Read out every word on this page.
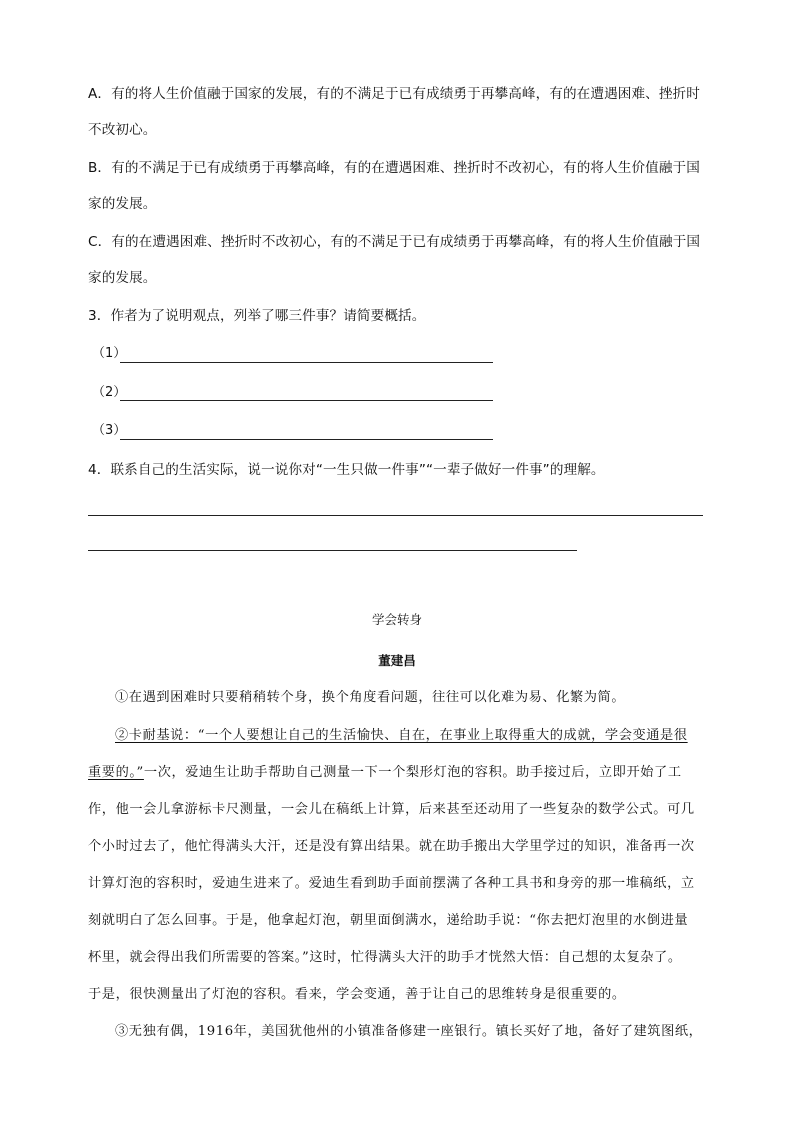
A．有的将人生价值融于国家的发展，有的不满足于已有成绩勇于再攀高峰，有的在遭遇困难、挫折时
不改初心。
B．有的不满足于已有成绩勇于再攀高峰，有的在遭遇困难、挫折时不改初心，有的将人生价值融于国
家的发展。
C．有的在遭遇困难、挫折时不改初心，有的不满足于已有成绩勇于再攀高峰，有的将人生价值融于国
家的发展。
3．作者为了说明观点，列举了哪三件事？请简要概括。
（1）
（2）
（3）
4．联系自己的生活实际，说一说你对“一生只做一件事”“一辈子做好一件事”的理解。
学会转身
董建昌
①在遇到困难时只要稍稍转个身，换个角度看问题，往往可以化难为易、化繁为简。
②卡耐基说：“一个人要想让自己的生活愉快、自在，在事业上取得重大的成就，学会变通是很
重要的。”一次，爱迪生让助手帮助自己测量一下一个梨形灯泡的容积。助手接过后，立即开始了工
作，他一会儿拿游标卡尺测量，一会儿在稿纸上计算，后来甚至还动用了一些复杂的数学公式。可几
个小时过去了，他忙得满头大汗，还是没有算出结果。就在助手搬出大学里学过的知识，准备再一次
计算灯泡的容积时，爱迪生进来了。爱迪生看到助手面前摆满了各种工具书和身旁的那一堆稿纸，立
刻就明白了怎么回事。于是，他拿起灯泡，朝里面倒满水，递给助手说：“你去把灯泡里的水倒进量
杯里，就会得出我们所需要的答案。”这时，忙得满头大汗的助手才恍然大悟：自己想的太复杂了。
于是，很快测量出了灯泡的容积。看来，学会变通，善于让自己的思维转身是很重要的。
③无独有偶，1916年，美国犹他州的小镇准备修建一座银行。镇长买好了地，备好了建筑图纸，
